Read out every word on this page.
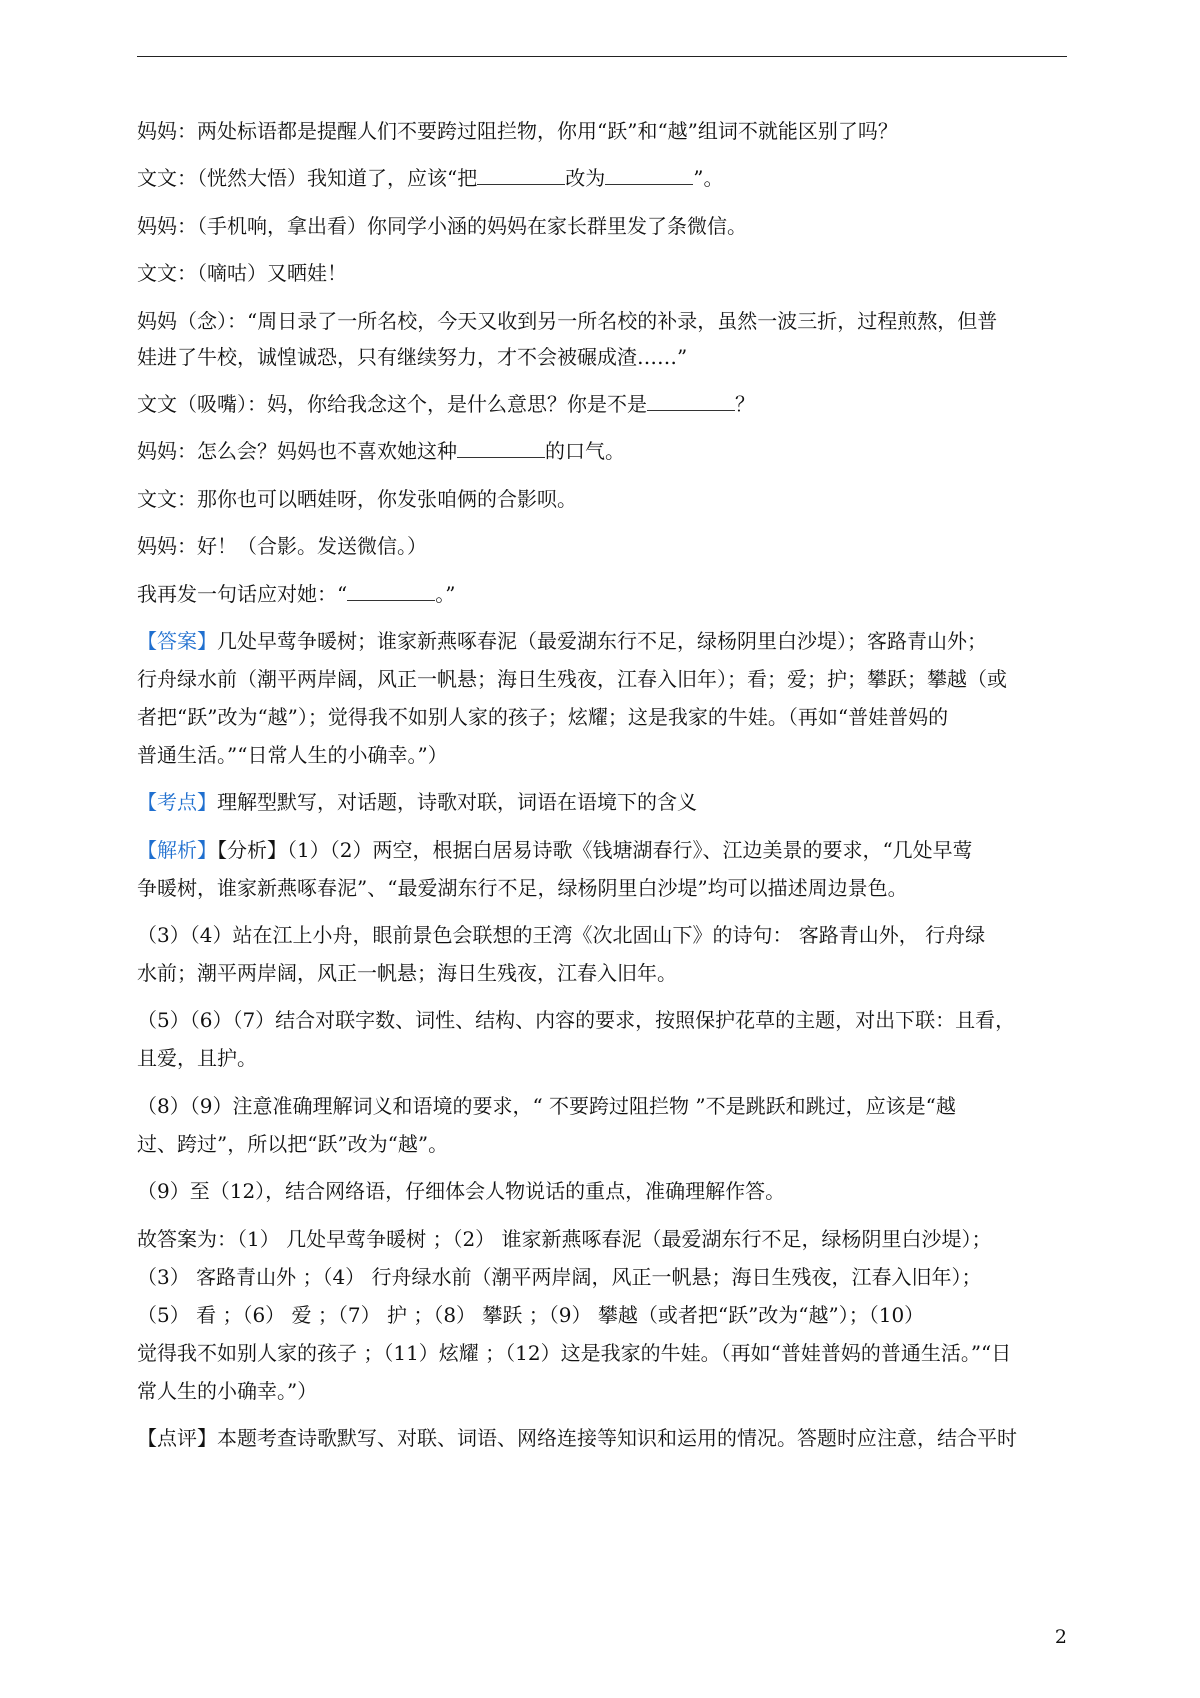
妈妈：两处标语都是提醒人们不要跨过阻拦物，你用“跃”和“越”组词不就能区别了吗？
文文：（恍然大悟）我知道了，应该“把	改为	”。
妈妈：（手机响，拿出看）你同学小涵的妈妈在家长群里发了条微信。
文文：（嘀咕）又晒娃！
妈妈（念）：“周日录了一所名校，今天又收到另一所名校的补录，虽然一波三折，过程煎熬，但普
娃进了牛校，诚惶诚恐，只有继续努力，才不会被碾成渣……”
文文（吸嘴）：妈，你给我念这个，是什么意思？你是不是	？
妈妈：怎么会？妈妈也不喜欢她这种	的口气。
文文：那你也可以晒娃呀，你发张咱俩的合影呗。
妈妈：好！（合影。发送微信。）
我再发一句话应对她：“	。”
【答案】几处早莺争暖树；谁家新燕啄春泥（最爱湖东行不足，绿杨阴里白沙堤）；客路青山外；
行舟绿水前（潮平两岸阔，风正一帆悬；海日生残夜，江春入旧年）；看；爱；护；攀跃；攀越（或
者把“跃”改为“越”）；觉得我不如别人家的孩子；炫耀；这是我家的牛娃。（再如“普娃普妈的
普通生活。”“日常人生的小确幸。”）
【考点】理解型默写，对话题，诗歌对联，词语在语境下的含义
【解析】【分析】（1）（2）两空，根据白居易诗歌《钱塘湖春行》、江边美景的要求，“几处早莺
争暖树，谁家新燕啄春泥”、“最爱湖东行不足，绿杨阴里白沙堤”均可以描述周边景色。
（3）（4）站在江上小舟，眼前景色会联想的王湾《次北固山下》的诗句： 客路青山外， 行舟绿
水前；潮平两岸阔，风正一帆悬；海日生残夜，江春入旧年。
（5）（6）（7）结合对联字数、词性、结构、内容的要求，按照保护花草的主题，对出下联：且看，
且爱，且护。
（8）（9）注意准确理解词义和语境的要求，“ 不要跨过阻拦物 ”不是跳跃和跳过，应该是“越
过、跨过”，所以把“跃”改为“越”。
（9）至（12），结合网络语，仔细体会人物说话的重点，准确理解作答。
故答案为：（1） 几处早莺争暖树 ；（2） 谁家新燕啄春泥（最爱湖东行不足，绿杨阴里白沙堤）；
（3） 客路青山外 ；（4） 行舟绿水前（潮平两岸阔，风正一帆悬；海日生残夜，江春入旧年）；
（5） 看 ；（6） 爱 ；（7） 护 ；（8） 攀跃 ；（9） 攀越（或者把“跃”改为“越”）；（10）
觉得我不如别人家的孩子 ；（11）炫耀 ；（12）这是我家的牛娃。（再如“普娃普妈的普通生活。”“日
常人生的小确幸。”）
【点评】本题考查诗歌默写、对联、词语、网络连接等知识和运用的情况。答题时应注意，结合平时
2
